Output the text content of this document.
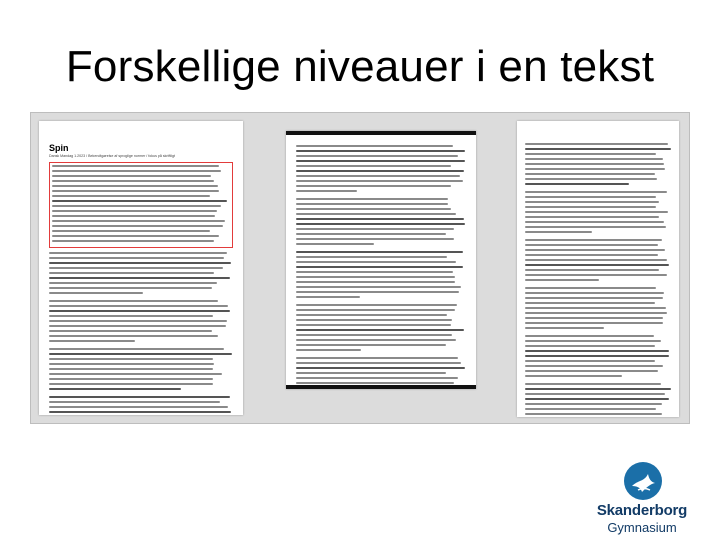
Forskellige niveauer i en tekst
Spin
Dansk Mandag 1.2023 / Bekendtgørelse af sproglige normer / fokus på skriftligt
Skanderborg
Gymnasium
